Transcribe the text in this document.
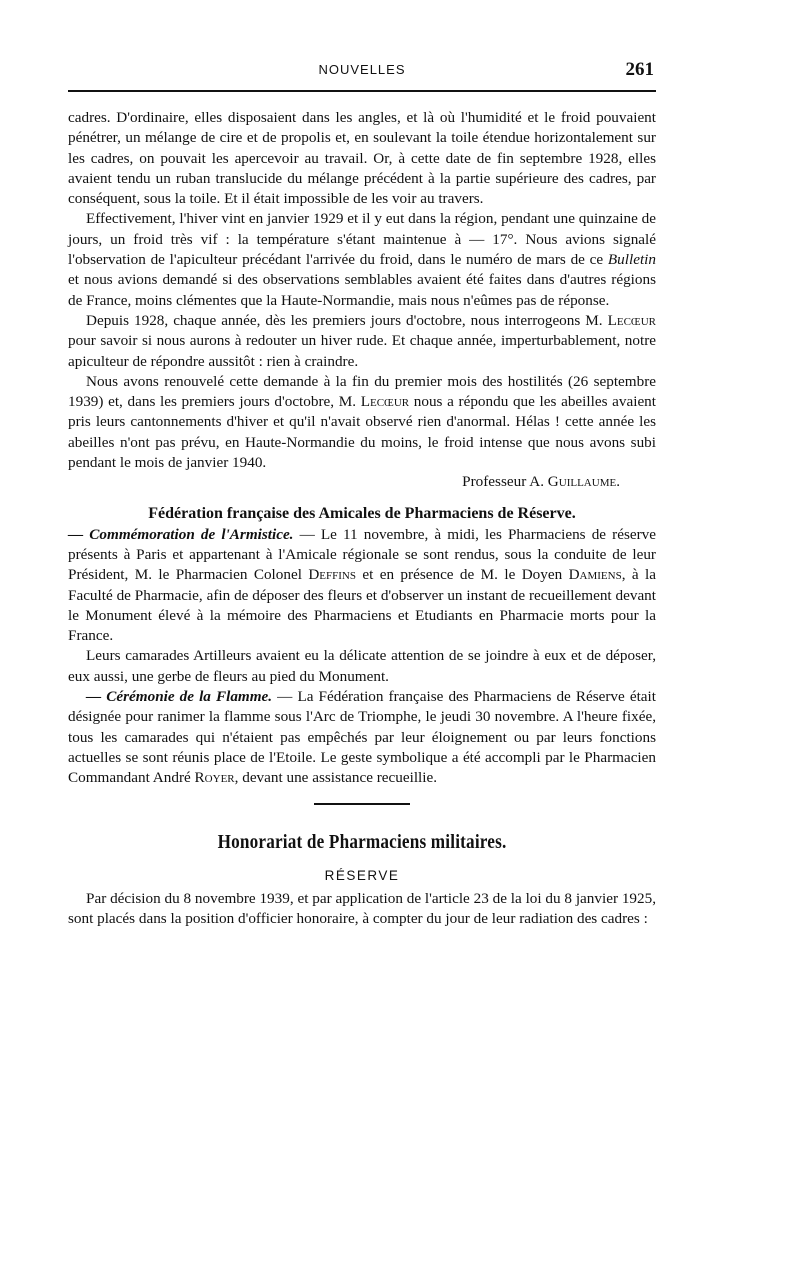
NOUVELLES	261

cadres. D'ordinaire, elles disposaient dans les angles, et là où l'humidité et le froid pouvaient pénétrer, un mélange de cire et de propolis et, en soulevant la toile étendue horizontalement sur les cadres, on pouvait les apercevoir au travail. Or, à cette date de fin septembre 1928, elles avaient tendu un ruban translucide du mélange précédent à la partie supérieure des cadres, par conséquent, sous la toile. Et il était impossible de les voir au travers.

Effectivement, l'hiver vint en janvier 1929 et il y eut dans la région, pendant une quinzaine de jours, un froid très vif : la température s'étant maintenue à — 17°. Nous avions signalé l'observation de l'apiculteur précédant l'arrivée du froid, dans le numéro de mars de ce Bulletin et nous avions demandé si des observations semblables avaient été faites dans d'autres régions de France, moins clémentes que la Haute-Normandie, mais nous n'eûmes pas de réponse.

Depuis 1928, chaque année, dès les premiers jours d'octobre, nous interrogeons M. Lecœur pour savoir si nous aurons à redouter un hiver rude. Et chaque année, imperturbablement, notre apiculteur de répondre aussitôt : rien à craindre.

Nous avons renouvelé cette demande à la fin du premier mois des hostilités (26 septembre 1939) et, dans les premiers jours d'octobre, M. Lecœur nous a répondu que les abeilles avaient pris leurs cantonnements d'hiver et qu'il n'avait observé rien d'anormal. Hélas ! cette année les abeilles n'ont pas prévu, en Haute-Normandie du moins, le froid intense que nous avons subi pendant le mois de janvier 1940.

Professeur A. Guillaume.
Fédération française des Amicales de Pharmaciens de Réserve.

— Commémoration de l'Armistice. — Le 11 novembre, à midi, les Pharmaciens de réserve présents à Paris et appartenant à l'Amicale régionale se sont rendus, sous la conduite de leur Président, M. le Pharmacien Colonel Deffins et en présence de M. le Doyen Damiens, à la Faculté de Pharmacie, afin de déposer des fleurs et d'observer un instant de recueillement devant le Monument élevé à la mémoire des Pharmaciens et Etudiants en Pharmacie morts pour la France.

Leurs camarades Artilleurs avaient eu la délicate attention de se joindre à eux et de déposer, eux aussi, une gerbe de fleurs au pied du Monument.

— Cérémonie de la Flamme. — La Fédération française des Pharmaciens de Réserve était désignée pour ranimer la flamme sous l'Arc de Triomphe, le jeudi 30 novembre. A l'heure fixée, tous les camarades qui n'étaient pas empêchés par leur éloignement ou par leurs fonctions actuelles se sont réunis place de l'Etoile. Le geste symbolique a été accompli par le Pharmacien Commandant André Royer, devant une assistance recueillie.

Honorariat de Pharmaciens militaires.
RÉSERVE

Par décision du 8 novembre 1939, et par application de l'article 23 de la loi du 8 janvier 1925, sont placés dans la position d'officier honoraire, à compter du jour de leur radiation des cadres :
